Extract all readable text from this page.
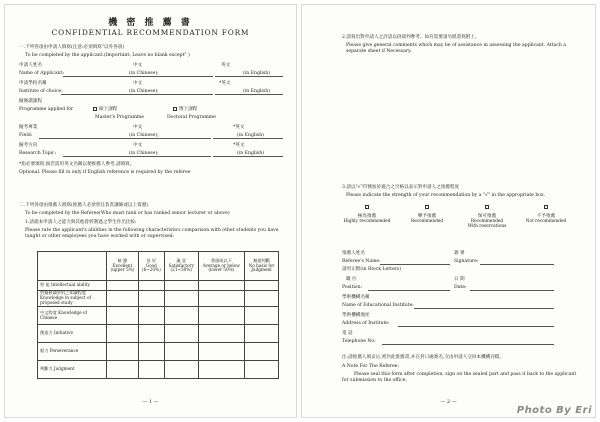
機 密 推 薦 書
CONFIDENTIAL RECOMMENDATION FORM
一.下列各項由申請人填寫(注意:必須填寫"以外各項)
To be completed by the applicant.(Important: Leave no blank except" )
申請人姓名	中文	英文
Name of Applicant:	(in Chinese);	(in English)
申請學校名稱	中文	*英文
Institute of choice:	(in Chinese);	(in English)
擬修讀課程
Programme applied for	碩士課程	博士課程
Master's Programme	Doctoral Programme
擬考專業	中文	*英文
Field:	(in Chinese);	(in English)
擬考方向	中文	*英文
Research Topic:	(in Chinese);	(in English)
*指必要填寫,倘若需用英文名稱以便推薦人參考,請填寫。
Optional. Please fill in only if English reference is required by the referee
二.下列各項由推薦人填寫(推薦人必須曾任負責講師或以上資歷)
To be completed by the Referee(Who must rank or has ranked senior lecturer or above)
1.請就本申請人之能力與其他曾經教過之學生作出比較:
Please rate the applicant's abilities in the following characteristics comparison with other students you have taught or other employees you have worked with or supervised:
	極 優
Excellent
(upper 5%)	良 好
Good
(6~20%)	滿 意
Satisfactory
(21~50%)	普通或以下
Average or below
(lower 50%)	無從判斷
No basis for
Judgment
智 能 Intellectual ability					
對擬修讀學科之知識程度 Knowledge in subject of proposed study					
中文程度 Knowledge of Chinese					
創造力 Initiative					
毅力 Perseverance					
判斷力 Judgment					
— 1 —
2.請寫出對申請人之評語以供裁判參考。如有需要請另紙書寫附上。
Please give general comments which may be of assistance in assessing the applicant. Attach a separate sheet if Necessary.
3.請以"√"符號加於適合之空格以表示對申請人之推薦程度
Please indicate the strength of your recommendation by a "√" in the appropriate box.
極為推薦
Highly recommended
樂予推薦
Recommended
保可推薦
Recommended
With reservations
不予推薦
Not recommended
推薦人姓名	簽 署
Referee's Name:	Signature:
請用正楷(in Block Letters)
職 位	日 期
Position:	Date:
學術機構名稱
Name of Educational Institute:
學術機構地址
Address of Institute:
電 話
Telephone No:
注:請推薦人填妥后,密封此推薦書,并在封口處簽名,交由申請人交回本機構存檔。
A Note For The Referee:
Please seal this form after completion, sign on the sealed part and pass it back to the applicant for submission to the office.
— 2 —
Photo By Eri
